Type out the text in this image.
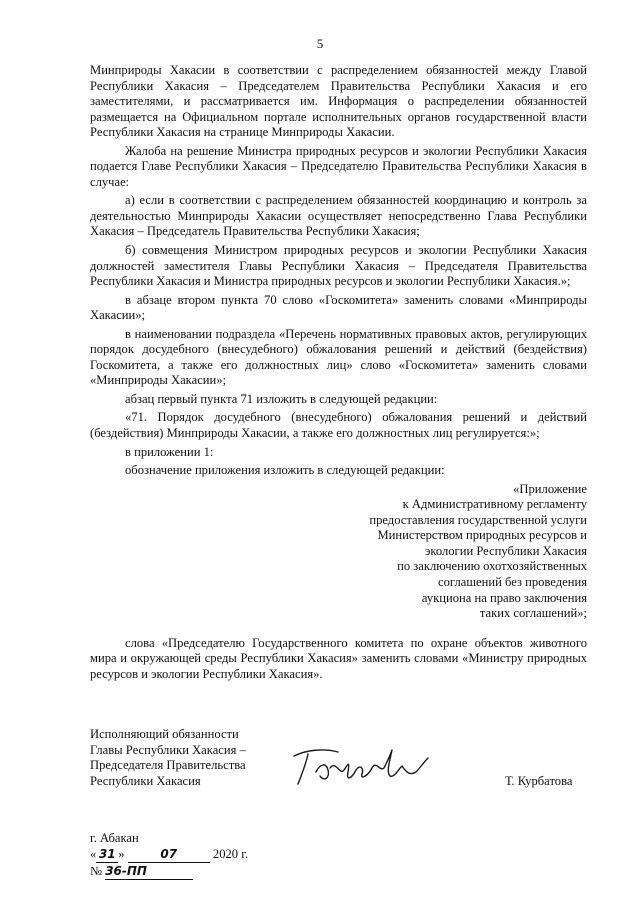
5

Минприроды Хакасии в соответствии с распределением обязанностей между Главой Республики Хакасия – Председателем Правительства Республики Хакасия и его заместителями, и рассматривается им. Информация о распределении обязанностей размещается на Официальном портале исполнительных органов государственной власти Республики Хакасия на странице Минприроды Хакасии.

Жалоба на решение Министра природных ресурсов и экологии Республики Хакасия подается Главе Республики Хакасия – Председателю Правительства Республики Хакасия в случае:

а) если в соответствии с распределением обязанностей координацию и контроль за деятельностью Минприроды Хакасии осуществляет непосредственно Глава Республики Хакасия – Председатель Правительства Республики Хакасия;

б) совмещения Министром природных ресурсов и экологии Республики Хакасия должностей заместителя Главы Республики Хакасия – Председателя Правительства Республики Хакасия и Министра природных ресурсов и экологии Республики Хакасия.»;

в абзаце втором пункта 70 слово «Госкомитета» заменить словами «Минприроды Хакасии»;

в наименовании подраздела «Перечень нормативных правовых актов, регулирующих порядок досудебного (внесудебного) обжалования решений и действий (бездействия) Госкомитета, а также его должностных лиц» слово «Госкомитета» заменить словами «Минприроды Хакасии»;

абзац первый пункта 71 изложить в следующей редакции:

«71. Порядок досудебного (внесудебного) обжалования решений и действий (бездействия) Минприроды Хакасии, а также его должностных лиц регулируется:»;

в приложении 1:

обозначение приложения изложить в следующей редакции:

«Приложение
к Административному регламенту
предоставления государственной услуги
Министерством природных ресурсов и
экологии Республики Хакасия
по заключению охотхозяйственных
соглашений без проведения
аукциона на право заключения
таких соглашений»;

слова «Председателю Государственного комитета по охране объектов животного мира и окружающей среды Республики Хакасия» заменить словами «Министру природных ресурсов и экологии Республики Хакасия».

Исполняющий обязанности
Главы Республики Хакасия –
Председателя Правительства
Республики Хакасия	Т. Курбатова
г. Абакан
« 31 »	07	2020 г.
№ 36-ПП
